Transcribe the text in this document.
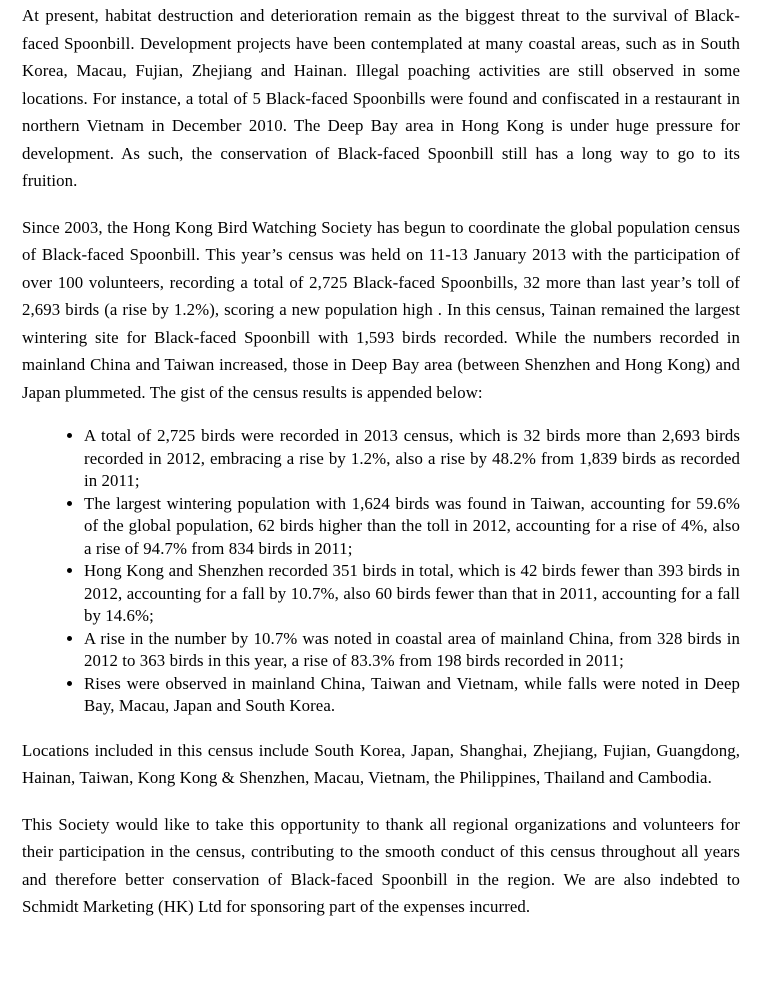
At present, habitat destruction and deterioration remain as the biggest threat to the survival of Black-faced Spoonbill. Development projects have been contemplated at many coastal areas, such as in South Korea, Macau, Fujian, Zhejiang and Hainan. Illegal poaching activities are still observed in some locations. For instance, a total of 5 Black-faced Spoonbills were found and confiscated in a restaurant in northern Vietnam in December 2010. The Deep Bay area in Hong Kong is under huge pressure for development. As such, the conservation of Black-faced Spoonbill still has a long way to go to its fruition.

Since 2003, the Hong Kong Bird Watching Society has begun to coordinate the global population census of Black-faced Spoonbill. This year’s census was held on 11-13 January 2013 with the participation of over 100 volunteers, recording a total of 2,725 Black-faced Spoonbills, 32 more than last year’s toll of 2,693 birds (a rise by 1.2%), scoring a new population high . In this census, Tainan remained the largest wintering site for Black-faced Spoonbill with 1,593 birds recorded. While the numbers recorded in mainland China and Taiwan increased, those in Deep Bay area (between Shenzhen and Hong Kong) and Japan plummeted. The gist of the census results is appended below:

• A total of 2,725 birds were recorded in 2013 census, which is 32 birds more than 2,693 birds recorded in 2012, embracing a rise by 1.2%, also a rise by 48.2% from 1,839 birds as recorded in 2011;
• The largest wintering population with 1,624 birds was found in Taiwan, accounting for 59.6% of the global population, 62 birds higher than the toll in 2012, accounting for a rise of 4%, also a rise of 94.7% from 834 birds in 2011;
• Hong Kong and Shenzhen recorded 351 birds in total, which is 42 birds fewer than 393 birds in 2012, accounting for a fall by 10.7%, also 60 birds fewer than that in 2011, accounting for a fall by 14.6%;
• A rise in the number by 10.7% was noted in coastal area of mainland China, from 328 birds in 2012 to 363 birds in this year, a rise of 83.3% from 198 birds recorded in 2011;
• Rises were observed in mainland China, Taiwan and Vietnam, while falls were noted in Deep Bay, Macau, Japan and South Korea.

Locations included in this census include South Korea, Japan, Shanghai, Zhejiang, Fujian, Guangdong, Hainan, Taiwan, Kong Kong & Shenzhen, Macau, Vietnam, the Philippines, Thailand and Cambodia.

This Society would like to take this opportunity to thank all regional organizations and volunteers for their participation in the census, contributing to the smooth conduct of this census throughout all years and therefore better conservation of Black-faced Spoonbill in the region. We are also indebted to Schmidt Marketing (HK) Ltd for sponsoring part of the expenses incurred.
